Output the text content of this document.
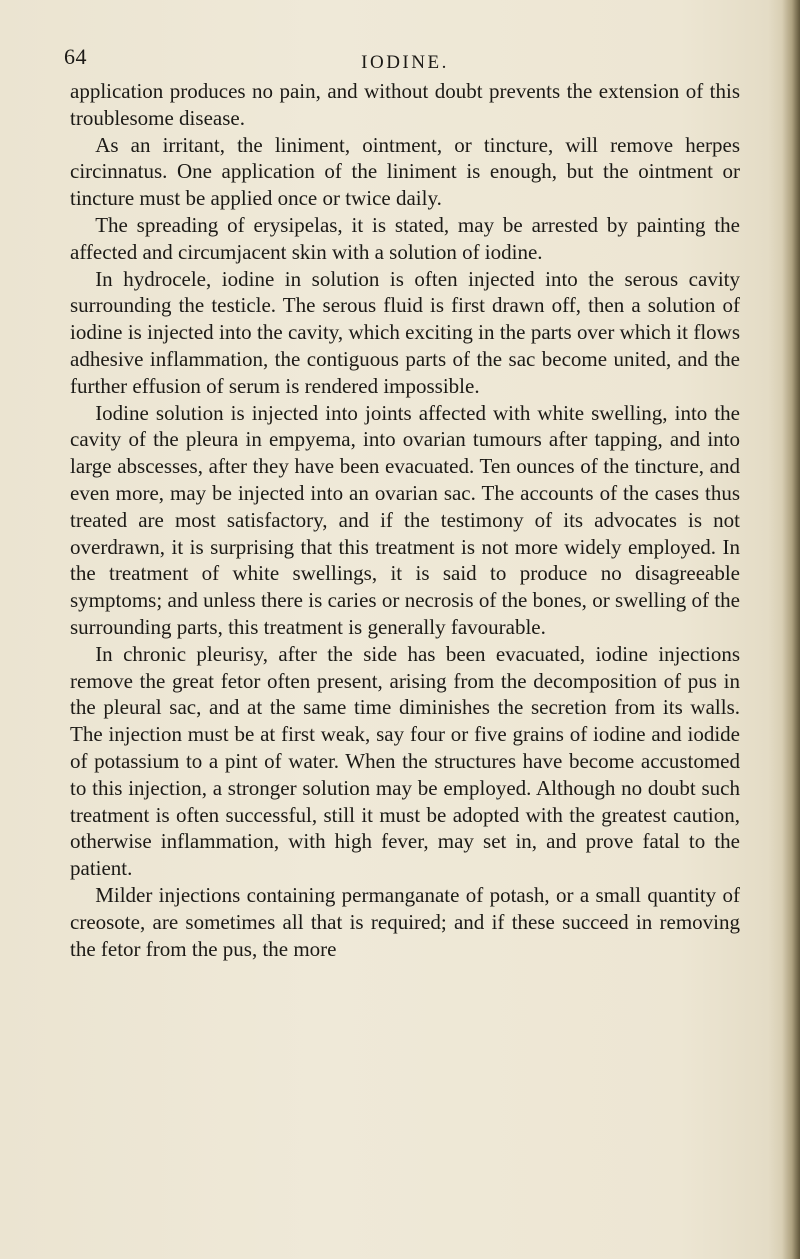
64	IODINE.

application produces no pain, and without doubt prevents the extension of this troublesome disease.

As an irritant, the liniment, ointment, or tincture, will remove herpes circinnatus. One application of the liniment is enough, but the ointment or tincture must be applied once or twice daily.

The spreading of erysipelas, it is stated, may be arrested by painting the affected and circumjacent skin with a solution of iodine.

In hydrocele, iodine in solution is often injected into the serous cavity surrounding the testicle. The serous fluid is first drawn off, then a solution of iodine is injected into the cavity, which exciting in the parts over which it flows adhesive inflammation, the contiguous parts of the sac become united, and the further effusion of serum is rendered impossible.

Iodine solution is injected into joints affected with white swelling, into the cavity of the pleura in empyema, into ovarian tumours after tapping, and into large abscesses, after they have been evacuated. Ten ounces of the tincture, and even more, may be injected into an ovarian sac. The accounts of the cases thus treated are most satisfactory, and if the testimony of its advocates is not overdrawn, it is surprising that this treatment is not more widely employed. In the treatment of white swellings, it is said to produce no disagreeable symptoms; and unless there is caries or necrosis of the bones, or swelling of the surrounding parts, this treatment is generally favourable.

In chronic pleurisy, after the side has been evacuated, iodine injections remove the great fetor often present, arising from the decomposition of pus in the pleural sac, and at the same time diminishes the secretion from its walls. The injection must be at first weak, say four or five grains of iodine and iodide of potassium to a pint of water. When the structures have become accustomed to this injection, a stronger solution may be employed. Although no doubt such treatment is often successful, still it must be adopted with the greatest caution, otherwise inflammation, with high fever, may set in, and prove fatal to the patient.

Milder injections containing permanganate of potash, or a small quantity of creosote, are sometimes all that is required; and if these succeed in removing the fetor from the pus, the more
